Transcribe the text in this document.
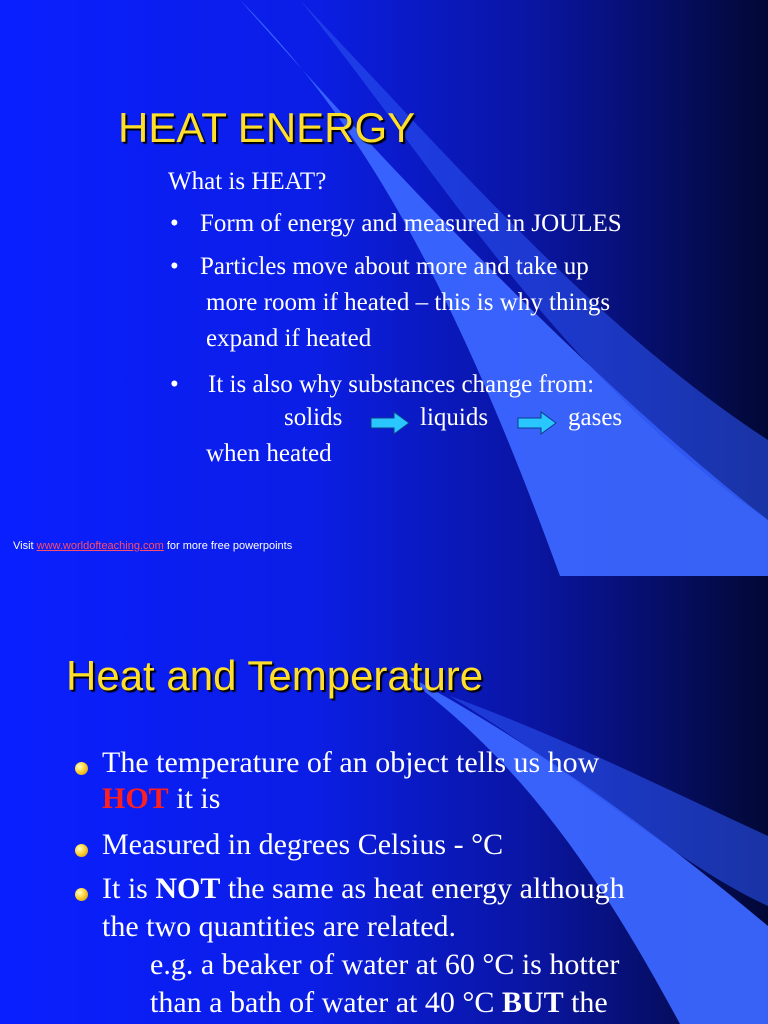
HEAT ENERGY
What is HEAT?
• Form of energy and measured in JOULES
• Particles move about more and take up
more room if heated – this is why things
expand if heated
• It is also why substances change from:
solids	liquids	gases
when heated
Visit www.worldofteaching.com for more free powerpoints
Heat and Temperature
The temperature of an object tells us how
HOT it is
Measured in degrees Celsius - °C
It is NOT the same as heat energy although
the two quantities are related.
e.g. a beaker of water at 60 °C is hotter
than a bath of water at 40 °C BUT the
